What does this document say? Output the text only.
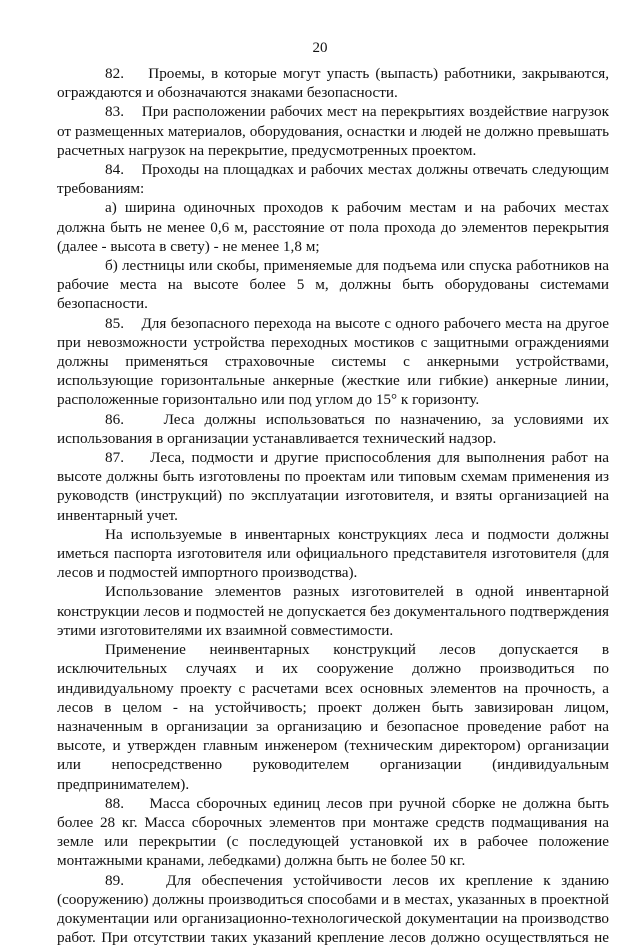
20

82.    Проемы, в которые могут упасть (выпасть) работники, закрываются, ограждаются и обозначаются знаками безопасности.

83.    При расположении рабочих мест на перекрытиях воздействие нагрузок от размещенных материалов, оборудования, оснастки и людей не должно превышать расчетных нагрузок на перекрытие, предусмотренных проектом.

84.    Проходы на площадках и рабочих местах должны отвечать следующим требованиям:

а) ширина одиночных проходов к рабочим местам и на рабочих местах должна быть не менее 0,6 м, расстояние от пола прохода до элементов перекрытия (далее - высота в свету) - не менее 1,8 м;

б) лестницы или скобы, применяемые для подъема или спуска работников на рабочие места на высоте более 5 м, должны быть оборудованы системами безопасности.

85.    Для безопасного перехода на высоте с одного рабочего места на другое при невозможности устройства переходных мостиков с защитными ограждениями должны применяться страховочные системы с анкерными устройствами, использующие горизонтальные анкерные (жесткие или гибкие) анкерные линии, расположенные горизонтально или под углом до 15° к горизонту.

86.    Леса должны использоваться по назначению, за условиями их использования в организации устанавливается технический надзор.

87.    Леса, подмости и другие приспособления для выполнения работ на высоте должны быть изготовлены по проектам или типовым схемам применения из руководств (инструкций) по эксплуатации изготовителя, и взяты организацией на инвентарный учет.

На используемые в инвентарных конструкциях леса и подмости должны иметься паспорта изготовителя или официального представителя изготовителя (для лесов и подмостей импортного производства).

Использование элементов разных изготовителей в одной инвентарной конструкции лесов и подмостей не допускается без документального подтверждения этими изготовителями их взаимной совместимости.

Применение неинвентарных конструкций лесов допускается в исключительных случаях и их сооружение должно производиться по индивидуальному проекту с расчетами всех основных элементов на прочность, а лесов в целом - на устойчивость; проект должен быть завизирован лицом, назначенным в организации за организацию и безопасное проведение работ на высоте, и утвержден главным инженером (техническим директором) организации или непосредственно руководителем организации (индивидуальным предпринимателем).

88.    Масса сборочных единиц лесов при ручной сборке не должна быть более 28 кг. Масса сборочных элементов при монтаже средств подмащивания на земле или перекрытии (с последующей установкой их в рабочее положение монтажными кранами, лебедками) должна быть не более 50 кг.

89.    Для обеспечения устойчивости лесов их крепление к зданию (сооружению) должны производиться способами и в местах, указанных в проектной документации или организационно-технологической документации на производство работ. При отсутствии таких указаний крепление лесов должно осуществляться не
